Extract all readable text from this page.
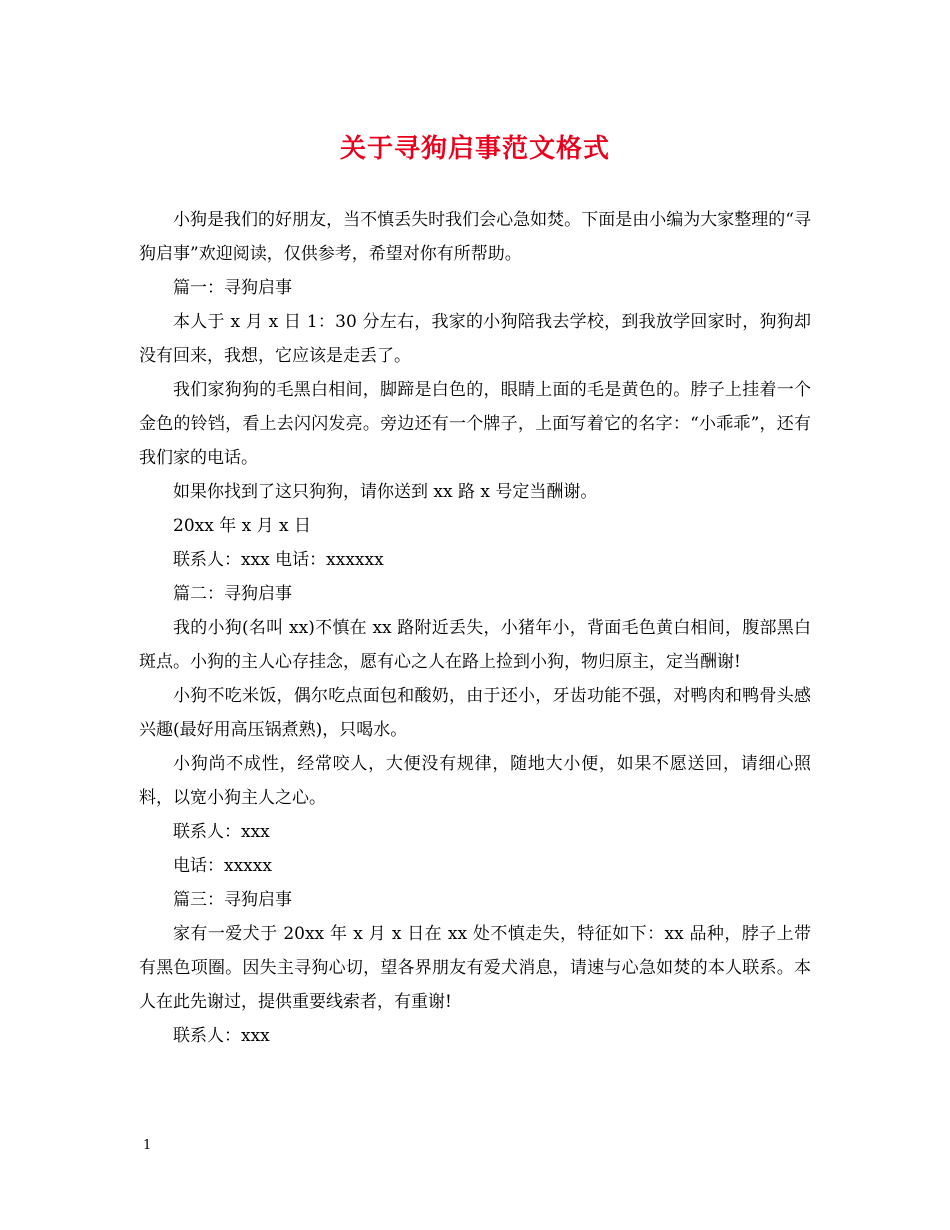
关于寻狗启事范文格式

小狗是我们的好朋友，当不慎丢失时我们会心急如焚。下面是由小编为大家整理的“寻狗启事”欢迎阅读，仅供参考，希望对你有所帮助。

篇一：寻狗启事

本人于 x 月 x 日 1：30 分左右，我家的小狗陪我去学校，到我放学回家时，狗狗却没有回来，我想，它应该是走丢了。

我们家狗狗的毛黑白相间，脚蹄是白色的，眼睛上面的毛是黄色的。脖子上挂着一个金色的铃铛，看上去闪闪发亮。旁边还有一个牌子，上面写着它的名字：“小乖乖”，还有我们家的电话。

如果你找到了这只狗狗，请你送到 xx 路 x 号定当酬谢。

20xx 年 x 月 x 日

联系人：xxx 电话：xxxxxx

篇二：寻狗启事

我的小狗(名叫 xx)不慎在 xx 路附近丢失，小猪年小，背面毛色黄白相间，腹部黑白斑点。小狗的主人心存挂念，愿有心之人在路上捡到小狗，物归原主，定当酬谢!

小狗不吃米饭，偶尔吃点面包和酸奶，由于还小，牙齿功能不强，对鸭肉和鸭骨头感兴趣(最好用高压锅煮熟)，只喝水。

小狗尚不成性，经常咬人，大便没有规律，随地大小便，如果不愿送回，请细心照料，以宽小狗主人之心。

联系人：xxx

电话：xxxxx

篇三：寻狗启事

家有一爱犬于 20xx 年 x 月 x 日在 xx 处不慎走失，特征如下：xx 品种，脖子上带有黑色项圈。因失主寻狗心切，望各界朋友有爱犬消息，请速与心急如焚的本人联系。本人在此先谢过，提供重要线索者，有重谢!

联系人：xxx

1
